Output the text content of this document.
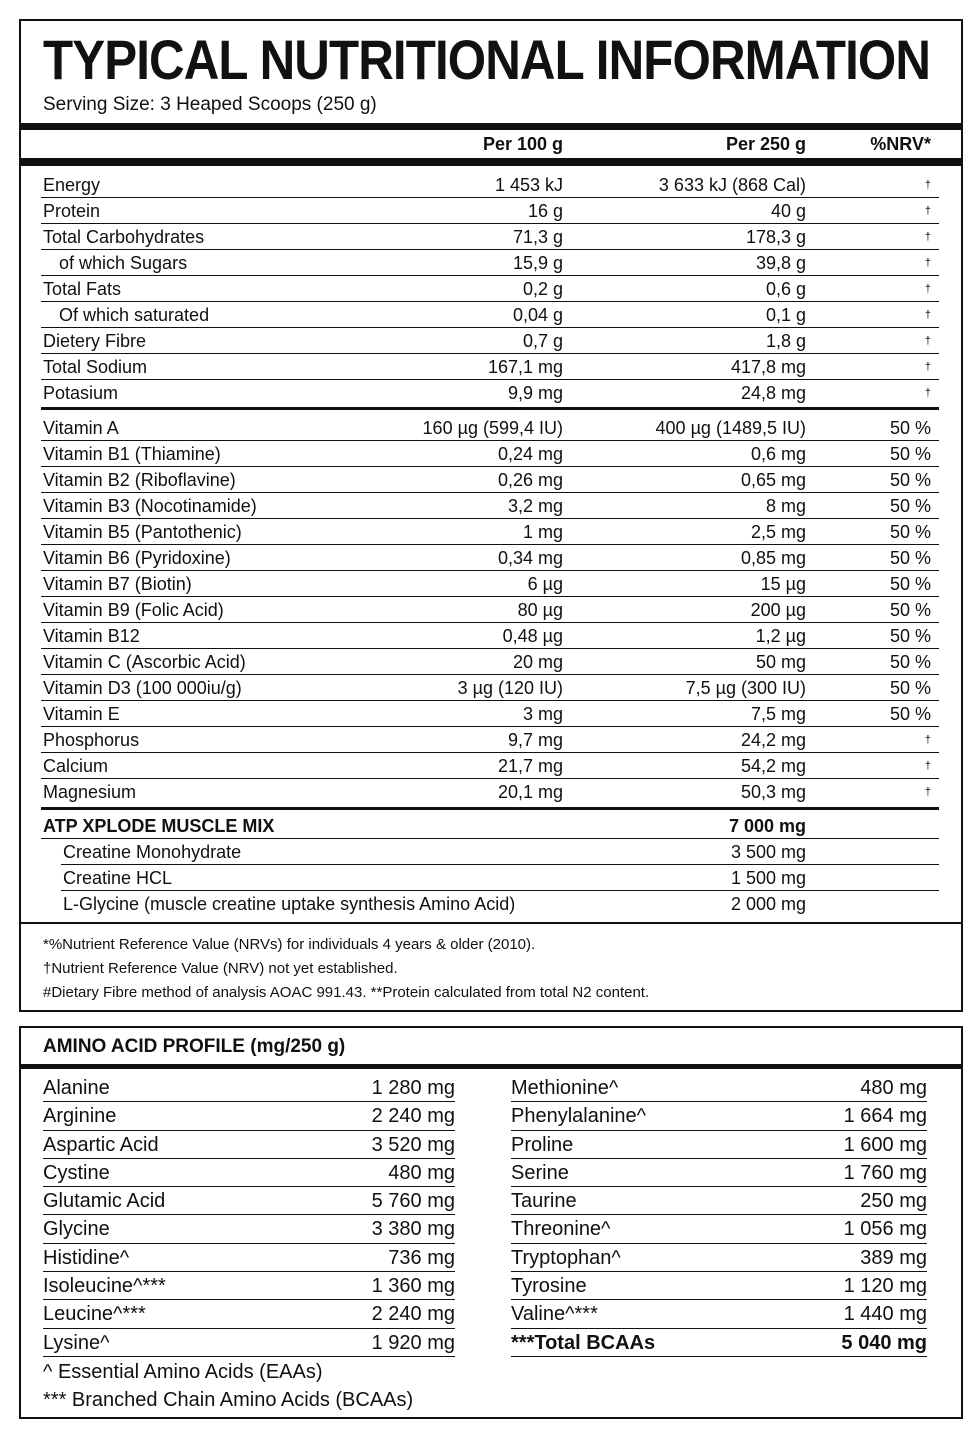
TYPICAL NUTRITIONAL INFORMATION
Serving Size: 3 Heaped Scoops (250 g)
Per 100 g	Per 250 g	%NRV*
Energy	1 453 kJ	3 633 kJ (868 Cal)	†
Protein	16 g	40 g	†
Total Carbohydrates	71,3 g	178,3 g	†
of which Sugars	15,9 g	39,8 g	†
Total Fats	0,2 g	0,6 g	†
Of which saturated	0,04 g	0,1 g	†
Dietery Fibre	0,7 g	1,8 g	†
Total Sodium	167,1 mg	417,8 mg	†
Potasium	9,9 mg	24,8 mg	†
Vitamin A	160 µg (599,4 IU)	400 µg (1489,5 IU)	50 %
Vitamin B1 (Thiamine)	0,24 mg	0,6 mg	50 %
Vitamin B2 (Riboflavine)	0,26 mg	0,65 mg	50 %
Vitamin B3 (Nocotinamide)	3,2 mg	8 mg	50 %
Vitamin B5 (Pantothenic)	1 mg	2,5 mg	50 %
Vitamin B6 (Pyridoxine)	0,34 mg	0,85 mg	50 %
Vitamin B7 (Biotin)	6 µg	15 µg	50 %
Vitamin B9 (Folic Acid)	80 µg	200 µg	50 %
Vitamin B12	0,48 µg	1,2 µg	50 %
Vitamin C (Ascorbic Acid)	20 mg	50 mg	50 %
Vitamin D3 (100 000iu/g)	3 µg (120 IU)	7,5 µg (300 IU)	50 %
Vitamin E	3 mg	7,5 mg	50 %
Phosphorus	9,7 mg	24,2 mg	†
Calcium	21,7 mg	54,2 mg	†
Magnesium	20,1 mg	50,3 mg	†
ATP XPLODE MUSCLE MIX	7 000 mg
Creatine Monohydrate	3 500 mg
Creatine HCL	1 500 mg
L-Glycine (muscle creatine uptake synthesis Amino Acid)	2 000 mg
*%Nutrient Reference Value (NRVs) for individuals 4 years & older (2010).
†Nutrient Reference Value (NRV) not yet established.
#Dietary Fibre method of analysis AOAC 991.43. **Protein calculated from total N2 content.
AMINO ACID PROFILE (mg/250 g)
Alanine	1 280 mg
Arginine	2 240 mg
Aspartic Acid	3 520 mg
Cystine	480 mg
Glutamic Acid	5 760 mg
Glycine	3 380 mg
Histidine^	736 mg
Isoleucine^***	1 360 mg
Leucine^***	2 240 mg
Lysine^	1 920 mg
Methionine^	480 mg
Phenylalanine^	1 664 mg
Proline	1 600 mg
Serine	1 760 mg
Taurine	250 mg
Threonine^	1 056 mg
Tryptophan^	389 mg
Tyrosine	1 120 mg
Valine^***	1 440 mg
***Total BCAAs	5 040 mg
^ Essential Amino Acids (EAAs)
*** Branched Chain Amino Acids (BCAAs)
